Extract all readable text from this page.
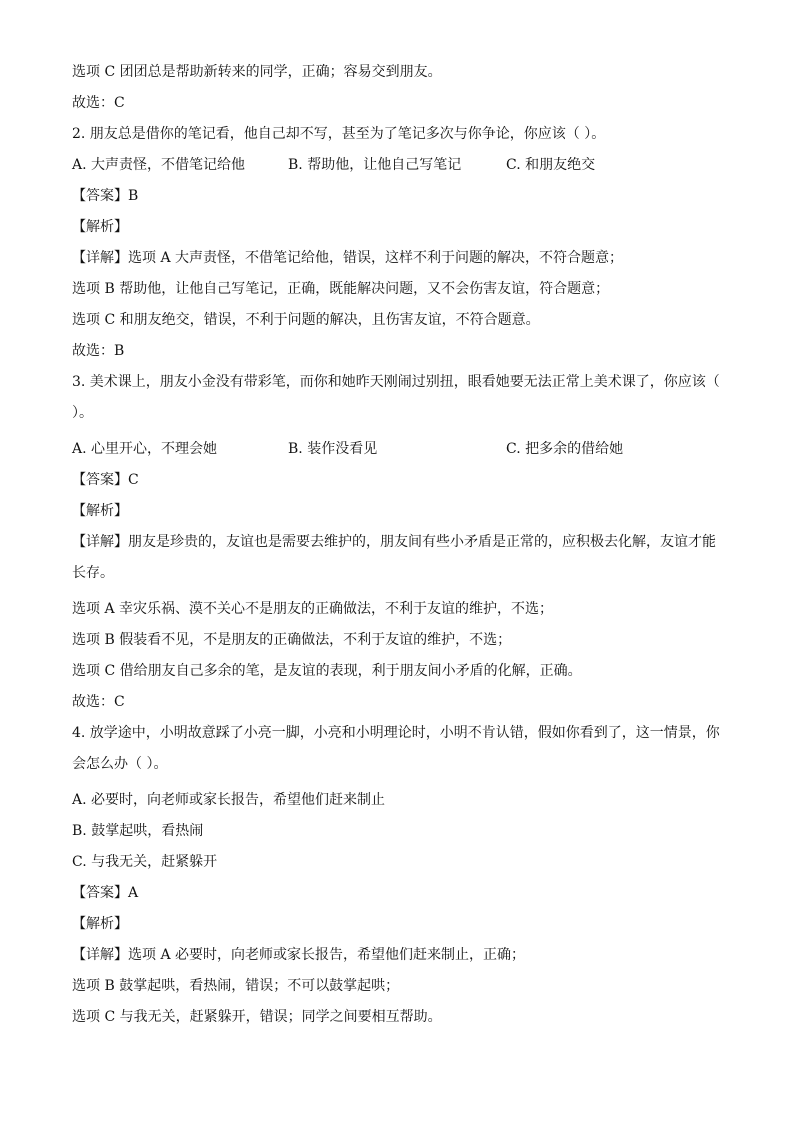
选项 C 团团总是帮助新转来的同学，正确；容易交到朋友。
故选：C
2. 朋友总是借你的笔记看，他自己却不写，甚至为了笔记多次与你争论，你应该（ ）。
A. 大声责怪，不借笔记给他	B. 帮助他，让他自己写笔记	C. 和朋友绝交
【答案】B
【解析】
【详解】选项 A 大声责怪，不借笔记给他，错误，这样不利于问题的解决，不符合题意；
选项 B 帮助他，让他自己写笔记，正确，既能解决问题，又不会伤害友谊，符合题意；
选项 C 和朋友绝交，错误，不利于问题的解决，且伤害友谊，不符合题意。
故选：B
3. 美术课上，朋友小金没有带彩笔，而你和她昨天刚闹过别扭，眼看她要无法正常上美术课了，你应该（ ）。
A. 心里开心，不理会她	B. 装作没看见	C. 把多余的借给她
【答案】C
【解析】
【详解】朋友是珍贵的，友谊也是需要去维护的，朋友间有些小矛盾是正常的，应积极去化解，友谊才能长存。
选项 A 幸灾乐祸、漠不关心不是朋友的正确做法，不利于友谊的维护，不选；
选项 B 假装看不见，不是朋友的正确做法，不利于友谊的维护，不选；
选项 C 借给朋友自己多余的笔，是友谊的表现，利于朋友间小矛盾的化解，正确。
故选：C
4. 放学途中，小明故意踩了小亮一脚，小亮和小明理论时，小明不肯认错，假如你看到了，这一情景，你会怎么办（ ）。
A. 必要时，向老师或家长报告，希望他们赶来制止
B. 鼓掌起哄，看热闹
C. 与我无关，赶紧躲开
【答案】A
【解析】
【详解】选项 A 必要时，向老师或家长报告，希望他们赶来制止，正确；
选项 B 鼓掌起哄，看热闹，错误；不可以鼓掌起哄；
选项 C 与我无关，赶紧躲开，错误；同学之间要相互帮助。
